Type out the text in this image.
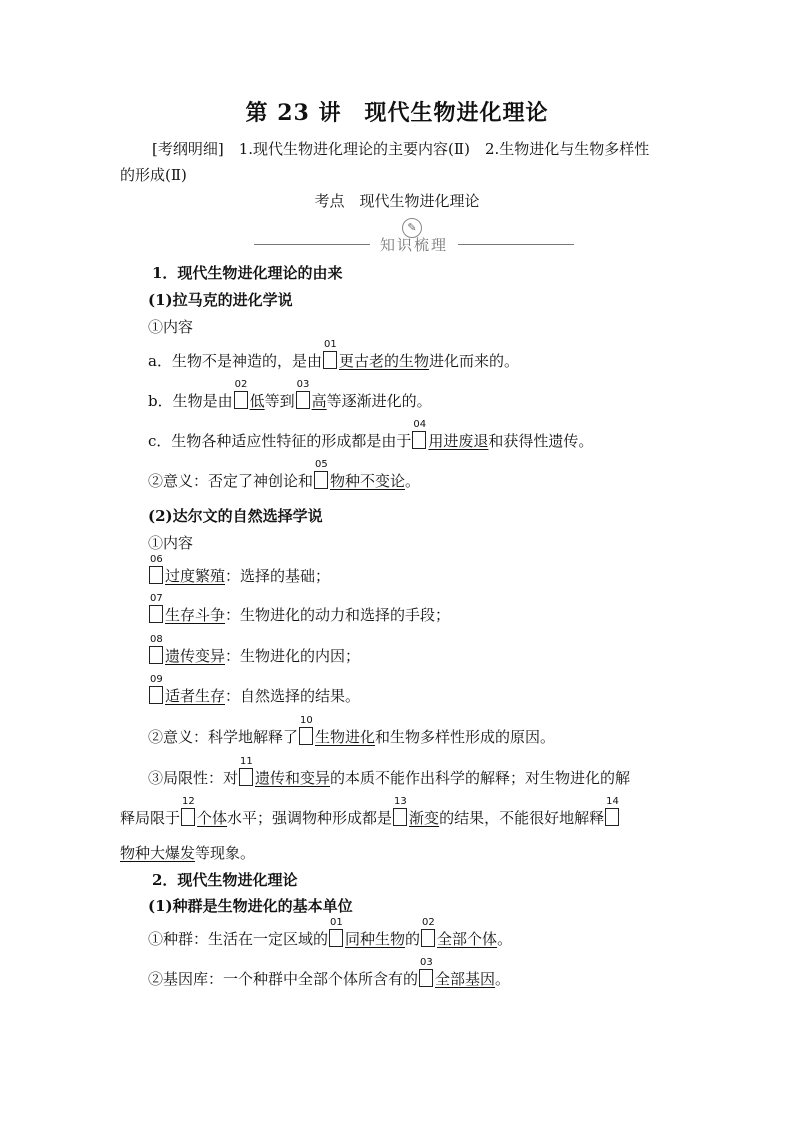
第 23 讲　现代生物进化理论
[考纲明细]　 1.现代生物进化理论的主要内容(Ⅱ)　2.生物进化与生物多样性
的形成(Ⅱ)
考点　现代生物进化理论
✎
知识梳理
1．现代生物进化理论的由来
(1)拉马克的进化学说
①内容
a．生物不是神造的，是由
01
更古老的生物进化而来的。
b．生物是由
02
低等到
03
高等逐渐进化的。
c．生物各种适应性特征的形成都是由于
04
用进废退和获得性遗传。
②意义：否定了神创论和
05
物种不变论。
(2)达尔文的自然选择学说
①内容
06
过度繁殖：选择的基础；
07
生存斗争：生物进化的动力和选择的手段；
08
遗传变异：生物进化的内因；
09
适者生存：自然选择的结果。
②意义：科学地解释了
10
生物进化和生物多样性形成的原因。
③局限性：对
11
遗传和变异的本质不能作出科学的解释；对生物进化的解
释局限于
12
个体水平；强调物种形成都是
13
渐变的结果，不能很好地解释
14
物种大爆发等现象。
2．现代生物进化理论
(1)种群是生物进化的基本单位
①种群：生活在一定区域的
01
同种生物的
02
全部个体。
②基因库：一个种群中全部个体所含有的
03
全部基因。
